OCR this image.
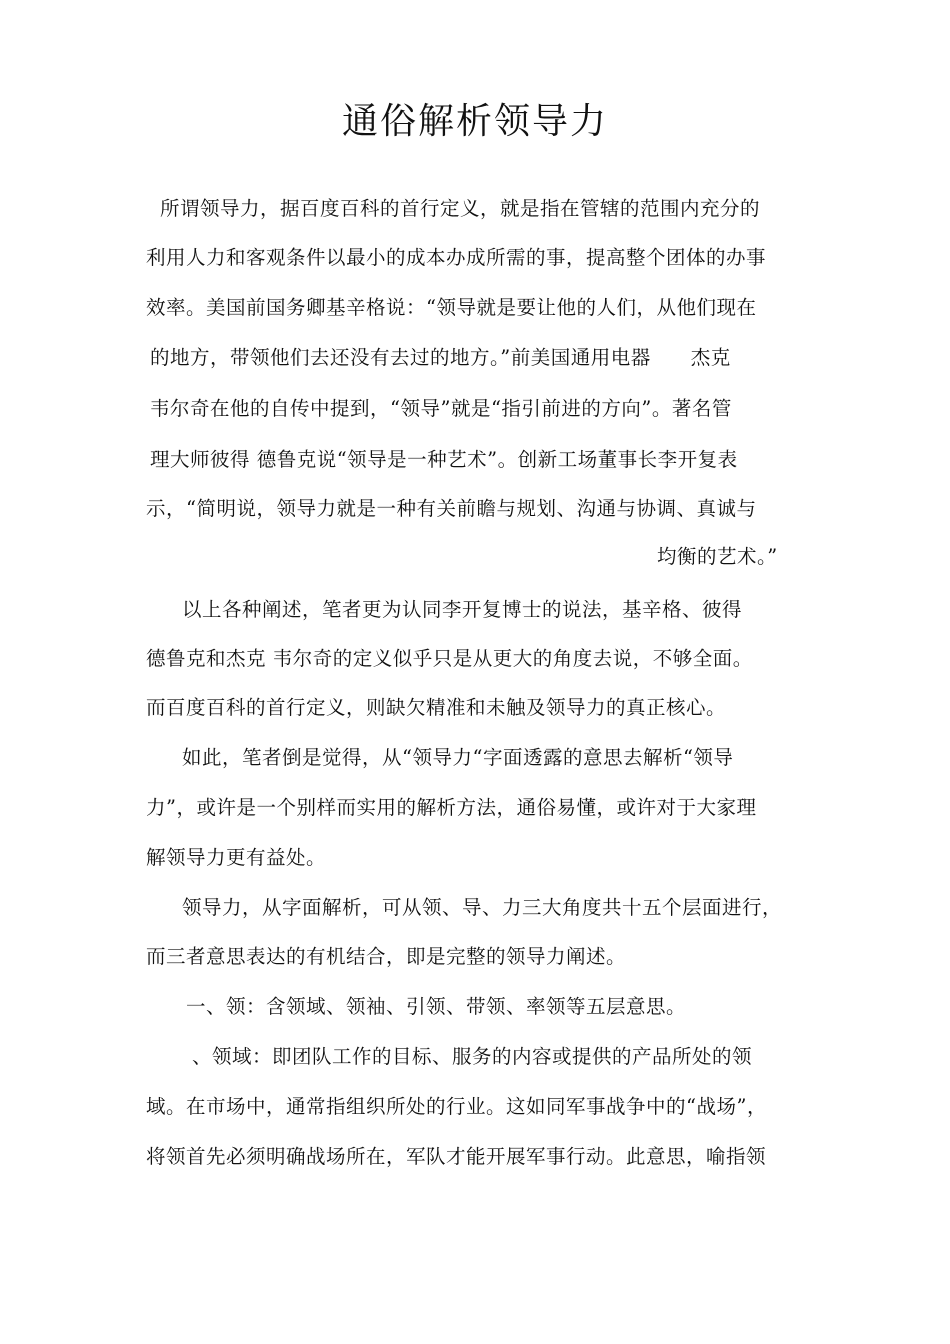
通俗解析领导力
所谓领导力，据百度百科的首行定义，就是指在管辖的范围内充分的
利用人力和客观条件以最小的成本办成所需的事，提高整个团体的办事
效率。美国前国务卿基辛格说：“领导就是要让他的人们，从他们现在
的地方，带领他们去还没有去过的地方。”前美国通用电器　　杰克
韦尔奇在他的自传中提到，“领导”就是“指引前进的方向”。著名管
理大师彼得 德鲁克说“领导是一种艺术”。创新工场董事长李开复表
示，“简明说，领导力就是一种有关前瞻与规划、沟通与协调、真诚与
均衡的艺术。”
以上各种阐述，笔者更为认同李开复博士的说法，基辛格、彼得
德鲁克和杰克 韦尔奇的定义似乎只是从更大的角度去说，不够全面。
而百度百科的首行定义，则缺欠精准和未触及领导力的真正核心。
如此，笔者倒是觉得，从“领导力“字面透露的意思去解析“领导
力”，或许是一个别样而实用的解析方法，通俗易懂，或许对于大家理
解领导力更有益处。
领导力，从字面解析，可从领、导、力三大角度共十五个层面进行，
而三者意思表达的有机结合，即是完整的领导力阐述。
一、领：含领域、领袖、引领、带领、率领等五层意思。
、领域：即团队工作的目标、服务的内容或提供的产品所处的领
域。在市场中，通常指组织所处的行业。这如同军事战争中的“战场”，
将领首先必须明确战场所在，军队才能开展军事行动。此意思，喻指领
